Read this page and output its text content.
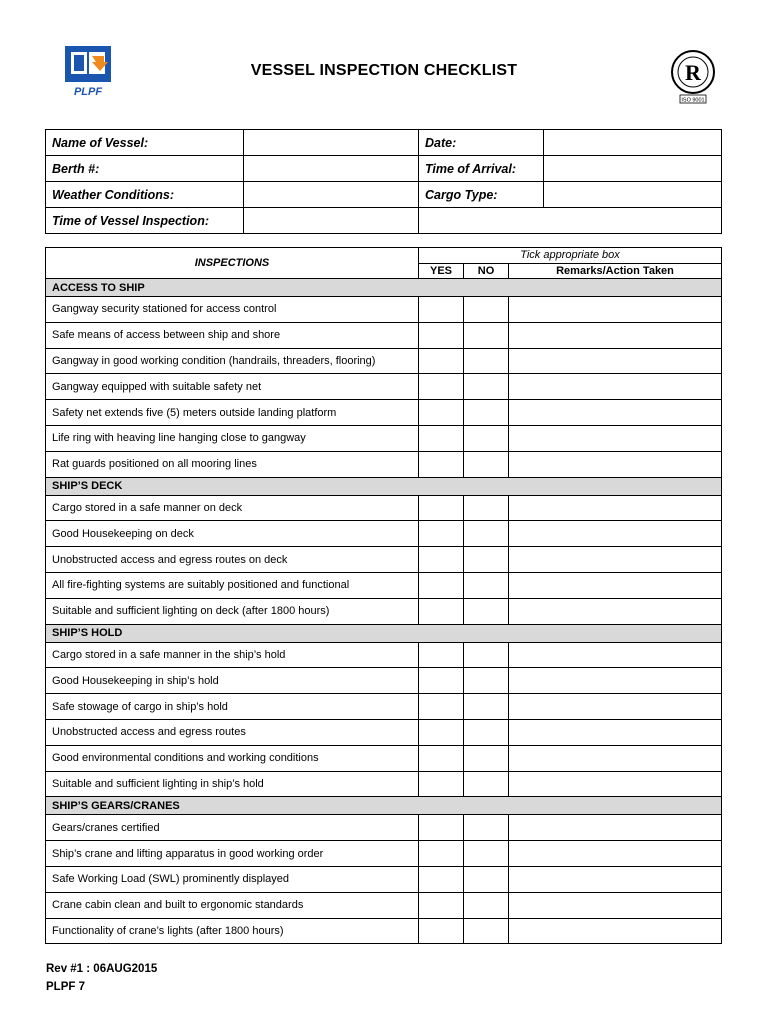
PLPF
R
ISO 9001
VESSEL INSPECTION CHECKLIST
Name of Vessel:		Date:	
Berth #:		Time of Arrival:	
Weather Conditions:		Cargo Type:	
Time of Vessel Inspection:			
INSPECTIONS	Tick appropriate box		
	YES	NO	Remarks/Action Taken
ACCESS TO SHIP			
Gangway security stationed for access control			
Safe means of access between ship and shore			
Gangway in good working condition (handrails, threaders, flooring)			
Gangway equipped with suitable safety net			
Safety net extends five (5) meters outside landing platform			
Life ring with heaving line hanging close to gangway			
Rat guards positioned on all mooring lines			
SHIP’S DECK			
Cargo stored in a safe manner on deck			
Good Housekeeping on deck			
Unobstructed access and egress routes on deck			
All fire-fighting systems are suitably positioned and functional			
Suitable and sufficient lighting on deck (after 1800 hours)			
SHIP’S HOLD			
Cargo stored in a safe manner in the ship’s hold			
Good Housekeeping in ship’s hold			
Safe stowage of cargo in ship’s hold			
Unobstructed access and egress routes			
Good environmental conditions and working conditions			
Suitable and sufficient lighting in ship’s hold			
SHIP’S GEARS/CRANES			
Gears/cranes certified			
Ship’s crane and lifting apparatus in good working order			
Safe Working Load (SWL) prominently displayed			
Crane cabin clean and built to ergonomic standards			
Functionality of crane’s lights (after 1800 hours)			
Rev #1 : 06AUG2015
PLPF 7
